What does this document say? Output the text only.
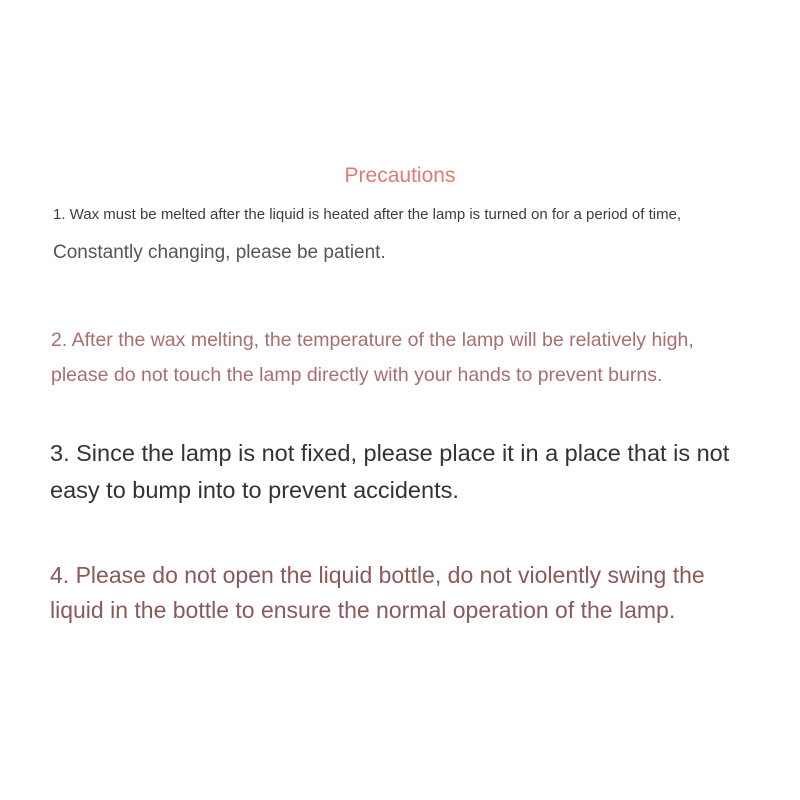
Precautions

1. Wax must be melted after the liquid is heated after the lamp is turned on for a period of time,

Constantly changing, please be patient.

2. After the wax melting, the temperature of the lamp will be relatively high,
please do not touch the lamp directly with your hands to prevent burns.
3. Since the lamp is not fixed, please place it in a place that is not
easy to bump into to prevent accidents.
4. Please do not open the liquid bottle, do not violently swing the
liquid in the bottle to ensure the normal operation of the lamp.
